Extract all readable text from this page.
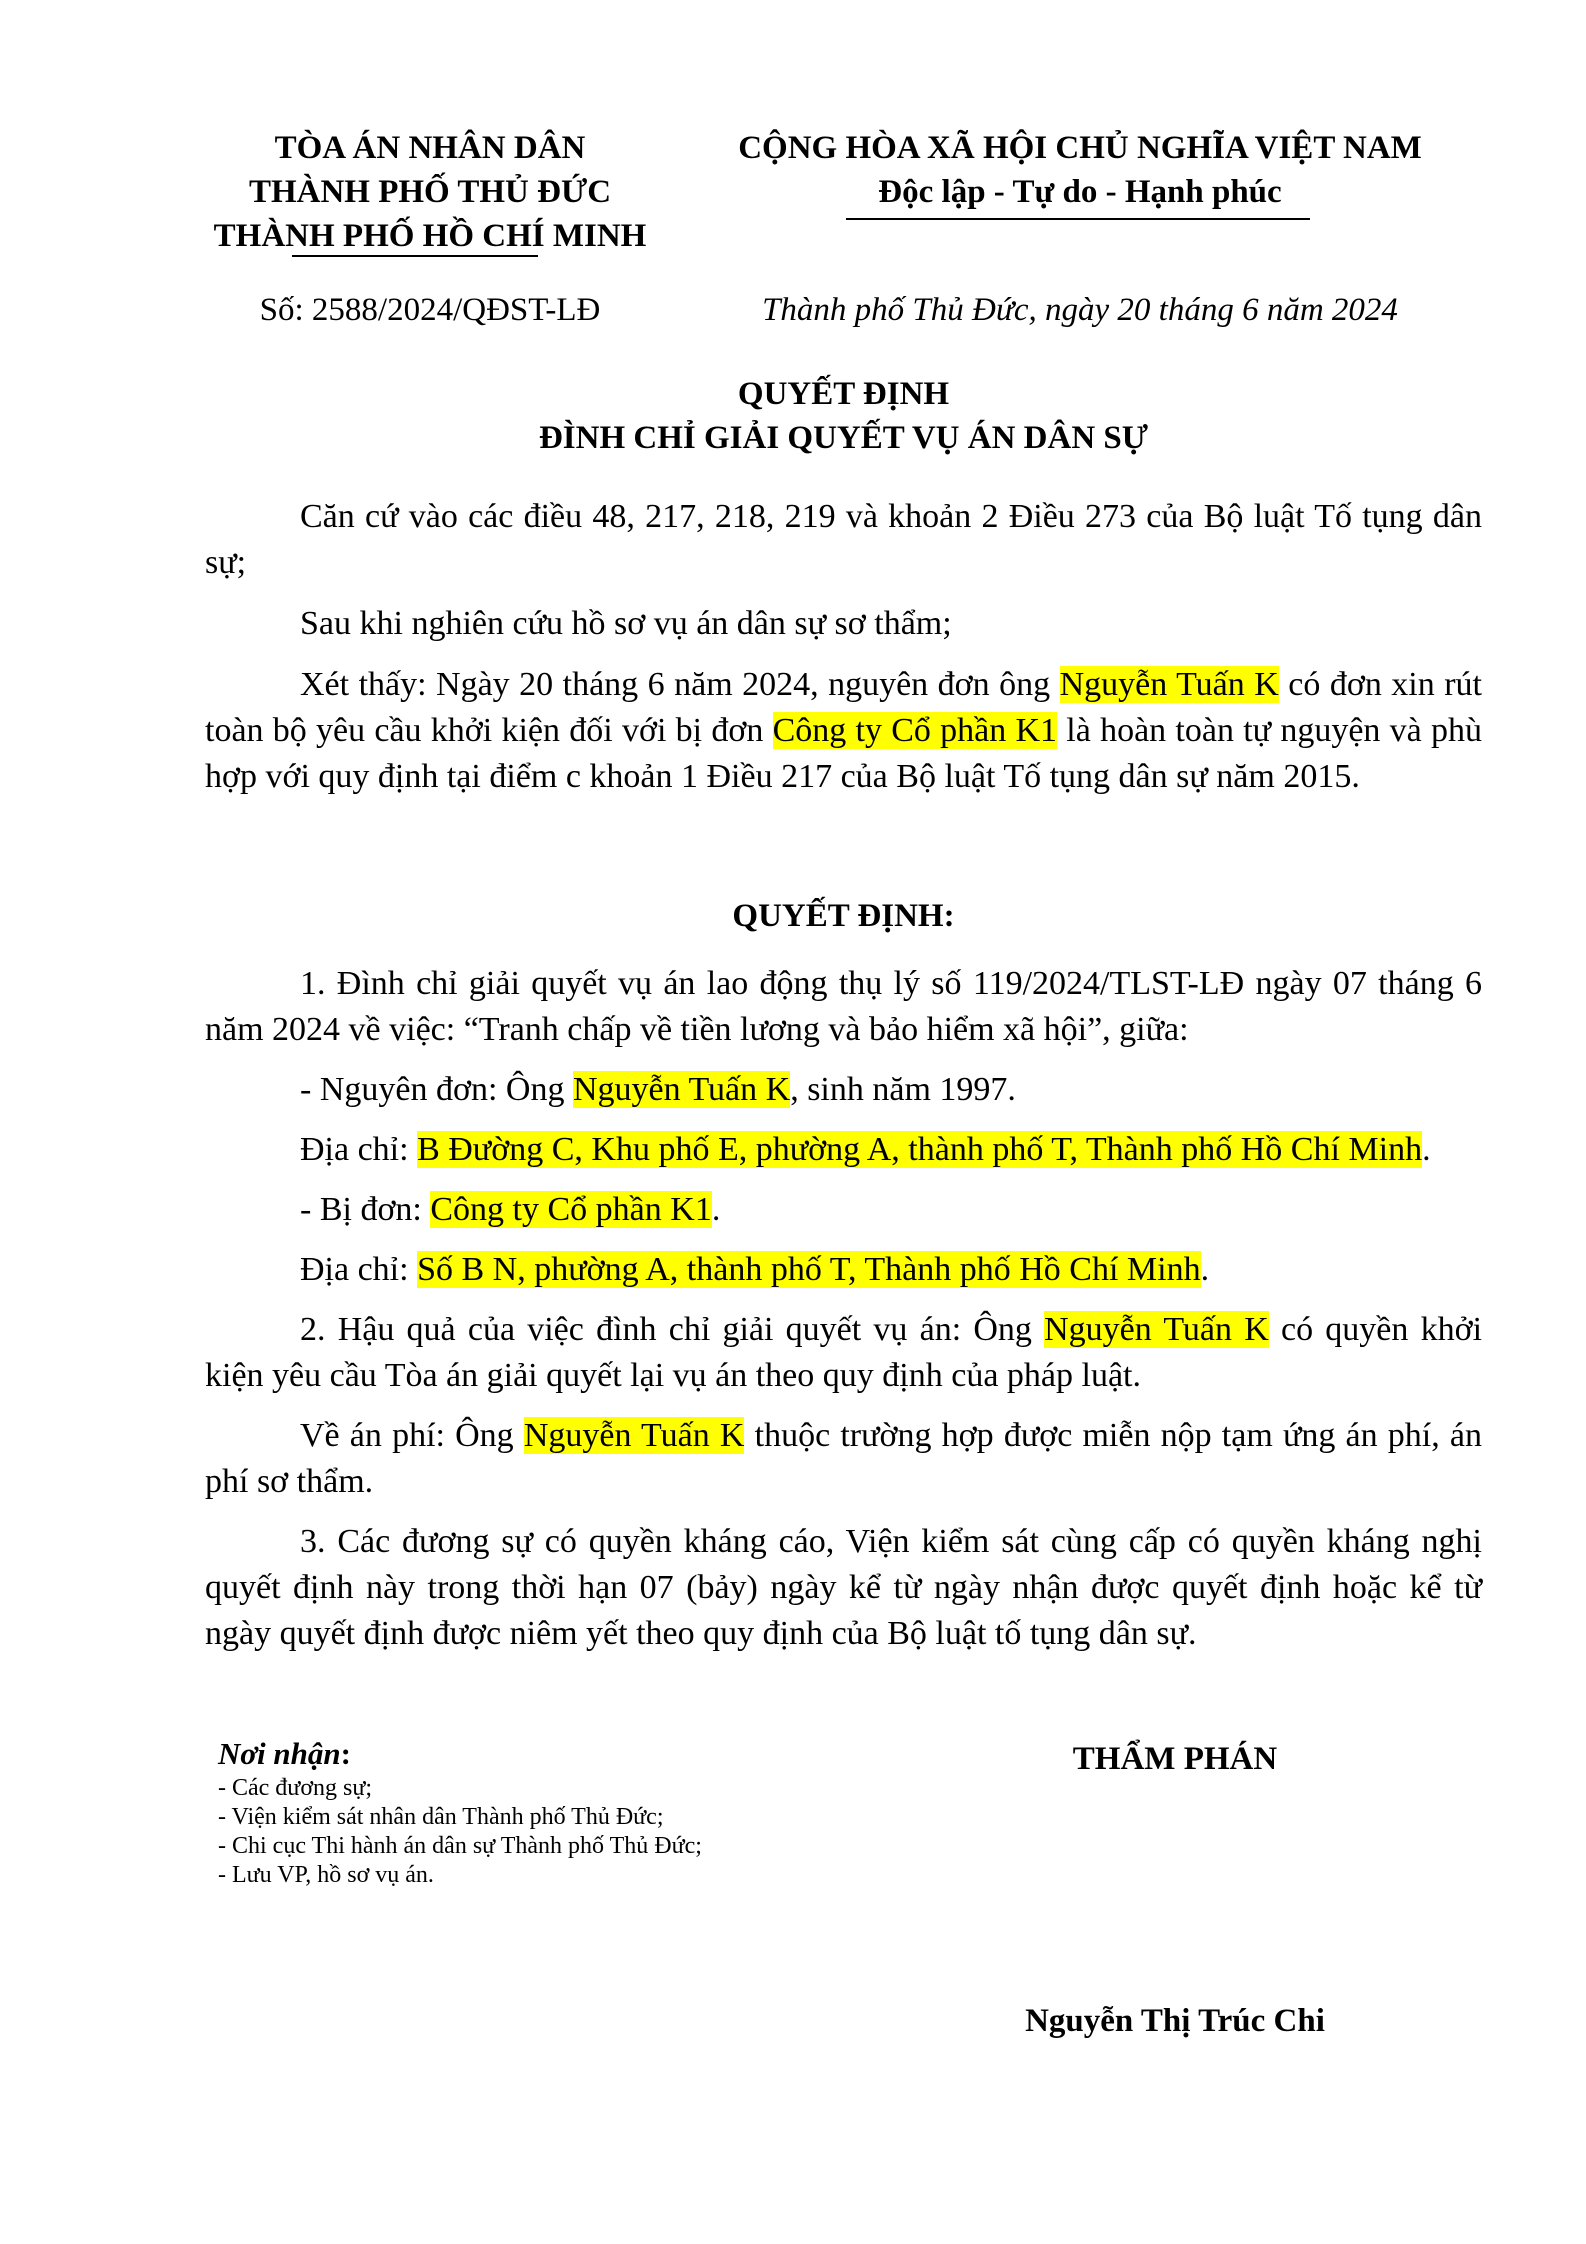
TÒA ÁN NHÂN DÂN
THÀNH PHỐ THỦ ĐỨC
THÀNH PHỐ HỒ CHÍ MINH
Số: 2588/2024/QĐST-LĐ
CỘNG HÒA XÃ HỘI CHỦ NGHĨA VIỆT NAM
Độc lập - Tự do - Hạnh phúc
Thành phố Thủ Đức, ngày 20 tháng 6 năm 2024
QUYẾT ĐỊNH
ĐÌNH CHỈ GIẢI QUYẾT VỤ ÁN DÂN SỰ

Căn cứ vào các điều 48, 217, 218, 219 và khoản 2 Điều 273 của Bộ luật Tố tụng dân sự;

Sau khi nghiên cứu hồ sơ vụ án dân sự sơ thẩm;

Xét thấy: Ngày 20 tháng 6 năm 2024, nguyên đơn ông Nguyễn Tuấn K có đơn xin rút toàn bộ yêu cầu khởi kiện đối với bị đơn Công ty Cổ phần K1 là hoàn toàn tự nguyện và phù hợp với quy định tại điểm c khoản 1 Điều 217 của Bộ luật Tố tụng dân sự năm 2015.

QUYẾT ĐỊNH:

1. Đình chỉ giải quyết vụ án lao động thụ lý số 119/2024/TLST-LĐ ngày 07 tháng 6 năm 2024 về việc: “Tranh chấp về tiền lương và bảo hiểm xã hội”, giữa:

- Nguyên đơn: Ông Nguyễn Tuấn K, sinh năm 1997.

Địa chỉ: B Đường C, Khu phố E, phường A, thành phố T, Thành phố Hồ Chí Minh.

- Bị đơn: Công ty Cổ phần K1.

Địa chỉ: Số B N, phường A, thành phố T, Thành phố Hồ Chí Minh.

2. Hậu quả của việc đình chỉ giải quyết vụ án: Ông Nguyễn Tuấn K có quyền khởi kiện yêu cầu Tòa án giải quyết lại vụ án theo quy định của pháp luật.

Về án phí: Ông Nguyễn Tuấn K thuộc trường hợp được miễn nộp tạm ứng án phí, án phí sơ thẩm.

3. Các đương sự có quyền kháng cáo, Viện kiểm sát cùng cấp có quyền kháng nghị quyết định này trong thời hạn 07 (bảy) ngày kể từ ngày nhận được quyết định hoặc kể từ ngày quyết định được niêm yết theo quy định của Bộ luật tố tụng dân sự.

Nơi nhận:
- Các đương sự;
- Viện kiểm sát nhân dân Thành phố Thủ Đức;
- Chi cục Thi hành án dân sự Thành phố Thủ Đức;
- Lưu VP, hồ sơ vụ án.
THẨM PHÁN
Nguyễn Thị Trúc Chi
